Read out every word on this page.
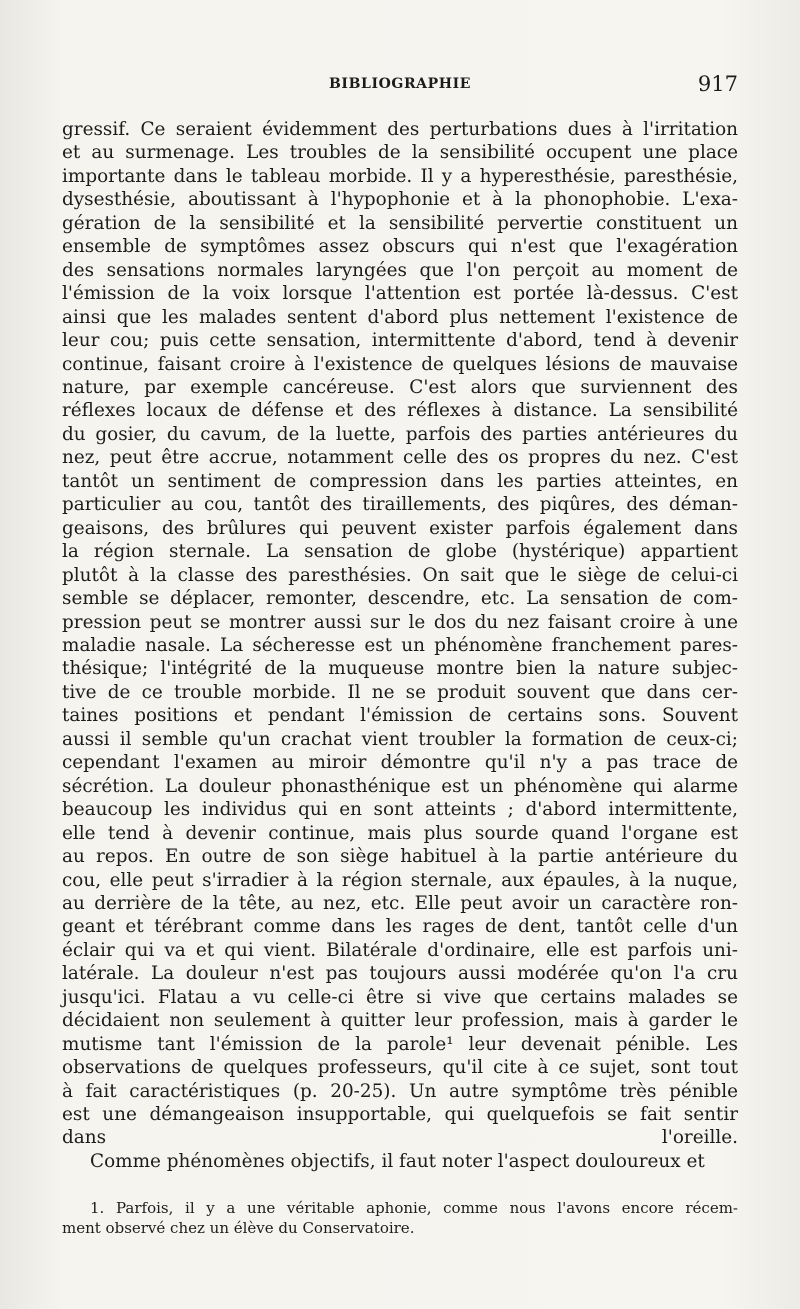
BIBLIOGRAPHIE	917
gressif. Ce seraient évidemment des perturbations dues à l'irritation
et au surmenage. Les troubles de la sensibilité occupent une place
importante dans le tableau morbide. Il y a hyperesthésie, paresthésie,
dysesthésie, aboutissant à l'hypophonie et à la phonophobie. L'exa-
gération de la sensibilité et la sensibilité pervertie constituent un
ensemble de symptômes assez obscurs qui n'est que l'exagération
des sensations normales laryngées que l'on perçoit au moment de
l'émission de la voix lorsque l'attention est portée là-dessus. C'est
ainsi que les malades sentent d'abord plus nettement l'existence de
leur cou; puis cette sensation, intermittente d'abord, tend à devenir
continue, faisant croire à l'existence de quelques lésions de mauvaise
nature, par exemple cancéreuse. C'est alors que surviennent des
réflexes locaux de défense et des réflexes à distance. La sensibilité
du gosier, du cavum, de la luette, parfois des parties antérieures du
nez, peut être accrue, notamment celle des os propres du nez. C'est
tantôt un sentiment de compression dans les parties atteintes, en
particulier au cou, tantôt des tiraillements, des piqûres, des déman-
geaisons, des brûlures qui peuvent exister parfois également dans
la région sternale. La sensation de globe (hystérique) appartient
plutôt à la classe des paresthésies. On sait que le siège de celui-ci
semble se déplacer, remonter, descendre, etc. La sensation de com-
pression peut se montrer aussi sur le dos du nez faisant croire à une
maladie nasale. La sécheresse est un phénomène franchement pares-
thésique; l'intégrité de la muqueuse montre bien la nature subjec-
tive de ce trouble morbide. Il ne se produit souvent que dans cer-
taines positions et pendant l'émission de certains sons. Souvent
aussi il semble qu'un crachat vient troubler la formation de ceux-ci;
cependant l'examen au miroir démontre qu'il n'y a pas trace de
sécrétion. La douleur phonasthénique est un phénomène qui alarme
beaucoup les individus qui en sont atteints ; d'abord intermittente,
elle tend à devenir continue, mais plus sourde quand l'organe est
au repos. En outre de son siège habituel à la partie antérieure du
cou, elle peut s'irradier à la région sternale, aux épaules, à la nuque,
au derrière de la tête, au nez, etc. Elle peut avoir un caractère ron-
geant et térébrant comme dans les rages de dent, tantôt celle d'un
éclair qui va et qui vient. Bilatérale d'ordinaire, elle est parfois uni-
latérale. La douleur n'est pas toujours aussi modérée qu'on l'a cru
jusqu'ici. Flatau a vu celle-ci être si vive que certains malades se
décidaient non seulement à quitter leur profession, mais à garder le
mutisme tant l'émission de la parole¹ leur devenait pénible. Les
observations de quelques professeurs, qu'il cite à ce sujet, sont tout
à fait caractéristiques (p. 20-25). Un autre symptôme très pénible
est une démangeaison insupportable, qui quelquefois se fait sentir
dans l'oreille.
Comme phénomènes objectifs, il faut noter l'aspect douloureux et
1. Parfois, il y a une véritable aphonie, comme nous l'avons encore récem-
ment observé chez un élève du Conservatoire.
